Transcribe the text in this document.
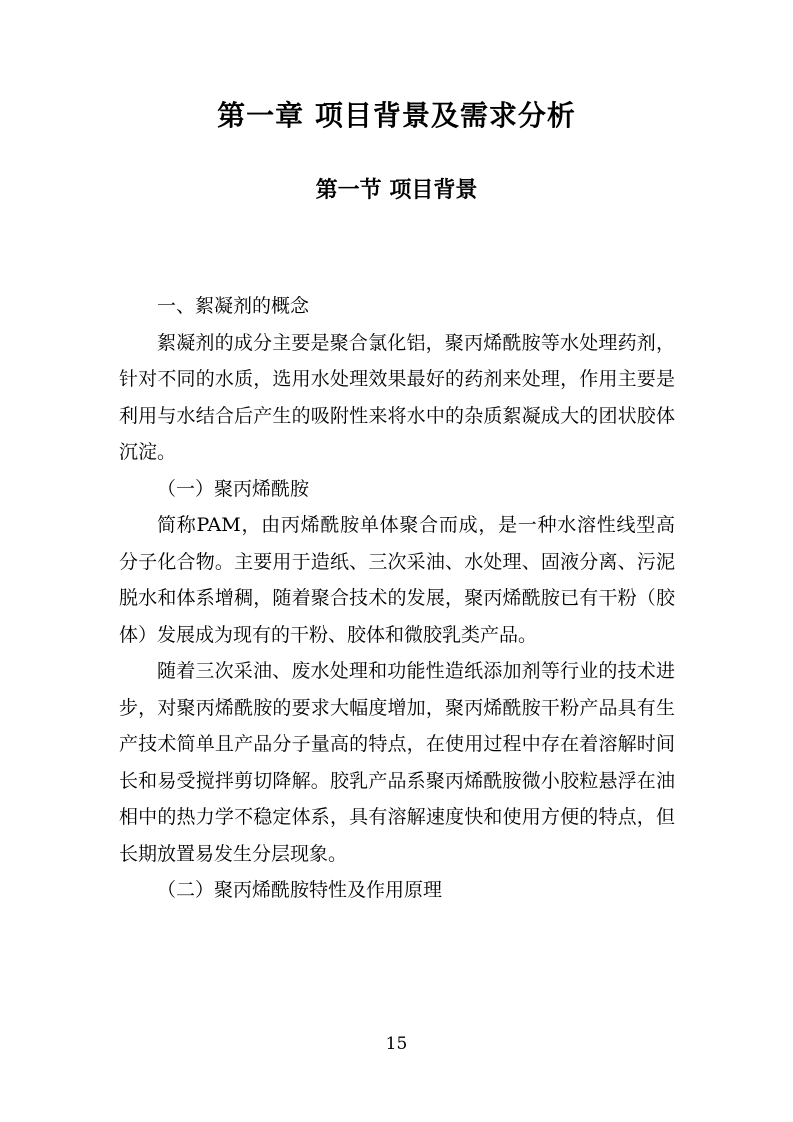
第一章 项目背景及需求分析
第一节 项目背景

一、絮凝剂的概念

絮凝剂的成分主要是聚合氯化铝，聚丙烯酰胺等水处理药剂，针对不同的水质，选用水处理效果最好的药剂来处理，作用主要是利用与水结合后产生的吸附性来将水中的杂质絮凝成大的团状胶体沉淀。

（一）聚丙烯酰胺

简称PAM，由丙烯酰胺单体聚合而成，是一种水溶性线型高分子化合物。主要用于造纸、三次采油、水处理、固液分离、污泥脱水和体系增稠，随着聚合技术的发展，聚丙烯酰胺已有干粉（胶体）发展成为现有的干粉、胶体和微胶乳类产品。

随着三次采油、废水处理和功能性造纸添加剂等行业的技术进步，对聚丙烯酰胺的要求大幅度增加，聚丙烯酰胺干粉产品具有生产技术简单且产品分子量高的特点，在使用过程中存在着溶解时间长和易受搅拌剪切降解。胶乳产品系聚丙烯酰胺微小胶粒悬浮在油相中的热力学不稳定体系，具有溶解速度快和使用方便的特点，但长期放置易发生分层现象。

（二）聚丙烯酰胺特性及作用原理

15
